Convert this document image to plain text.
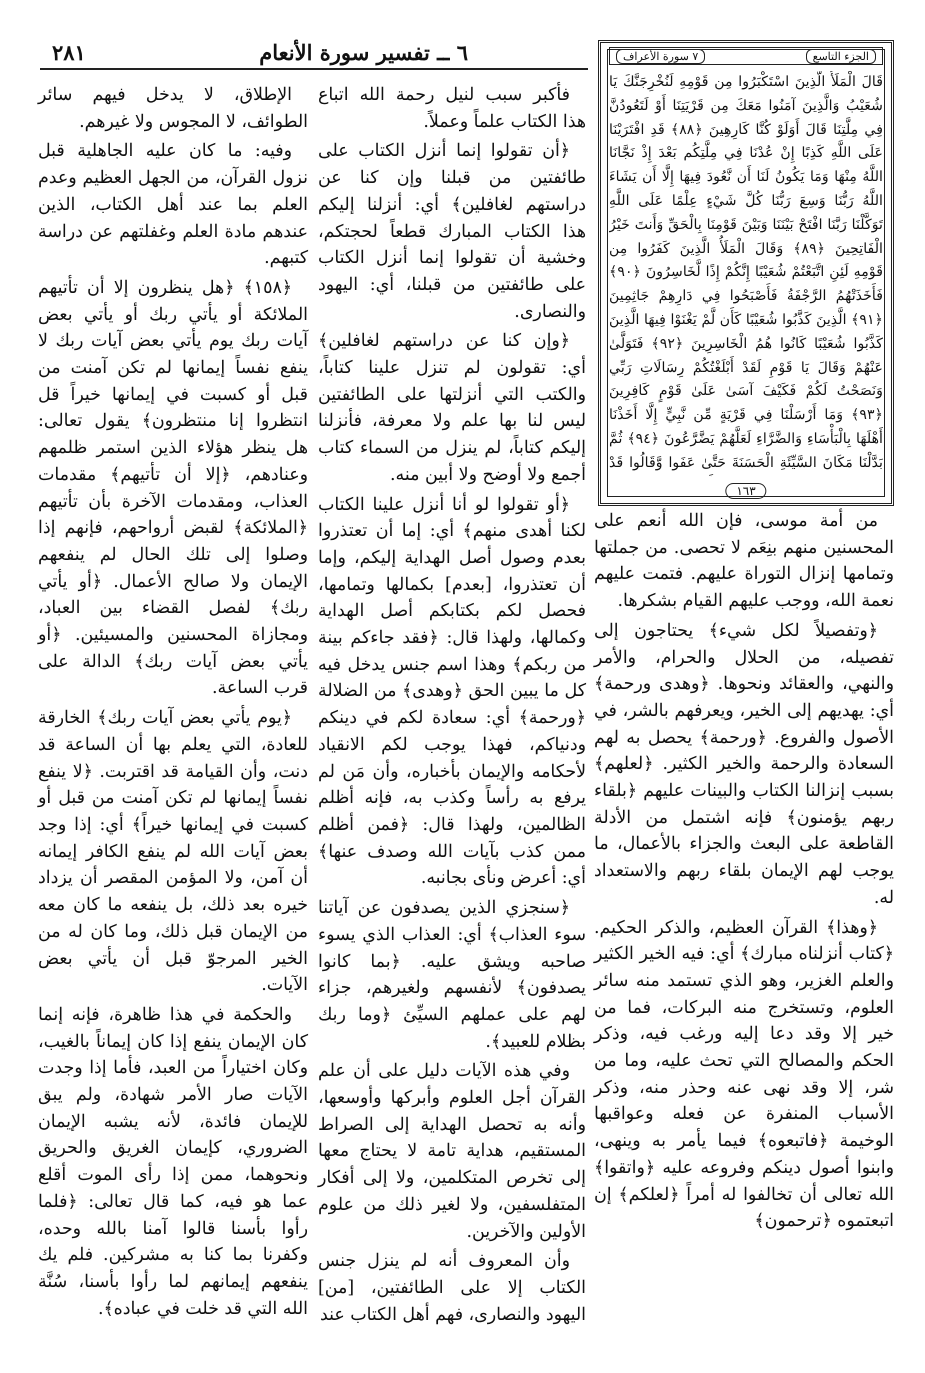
٦ ــ تفسير سورة الأنعام
٢٨١	الجزء التاسع
٧ سورة الأعراف
قَالَ الْمَلَأُ الَّذِينَ اسْتَكْبَرُوا مِن قَوْمِهِ لَنُخْرِجَنَّكَ يَا شُعَيْبُ وَالَّذِينَ آمَنُوا مَعَكَ مِن قَرْيَتِنَا أَوْ لَتَعُودُنَّ فِي مِلَّتِنَا قَالَ أَوَلَوْ كُنَّا كَارِهِينَ ﴿٨٨﴾ قَدِ افْتَرَيْنَا عَلَى اللَّهِ كَذِبًا إِنْ عُدْنَا فِي مِلَّتِكُم بَعْدَ إِذْ نَجَّانَا اللَّهُ مِنْهَا وَمَا يَكُونُ لَنَا أَن نَّعُودَ فِيهَا إِلَّا أَن يَشَاءَ اللَّهُ رَبُّنَا وَسِعَ رَبُّنَا كُلَّ شَيْءٍ عِلْمًا عَلَى اللَّهِ تَوَكَّلْنَا رَبَّنَا افْتَحْ بَيْنَنَا وَبَيْنَ قَوْمِنَا بِالْحَقِّ وَأَنتَ خَيْرُ الْفَاتِحِينَ ﴿٨٩﴾ وَقَالَ الْمَلَأُ الَّذِينَ كَفَرُوا مِن قَوْمِهِ لَئِنِ اتَّبَعْتُمْ شُعَيْبًا إِنَّكُمْ إِذًا لَّخَاسِرُونَ ﴿٩٠﴾ فَأَخَذَتْهُمُ الرَّجْفَةُ فَأَصْبَحُوا فِي دَارِهِمْ جَاثِمِينَ ﴿٩١﴾ الَّذِينَ كَذَّبُوا شُعَيْبًا كَأَن لَّمْ يَغْنَوْا فِيهَا الَّذِينَ كَذَّبُوا شُعَيْبًا كَانُوا هُمُ الْخَاسِرِينَ ﴿٩٢﴾ فَتَوَلَّىٰ عَنْهُمْ وَقَالَ يَا قَوْمِ لَقَدْ أَبْلَغْتُكُمْ رِسَالَاتِ رَبِّي وَنَصَحْتُ لَكُمْ فَكَيْفَ آسَىٰ عَلَىٰ قَوْمٍ كَافِرِينَ ﴿٩٣﴾ وَمَا أَرْسَلْنَا فِي قَرْيَةٍ مِّن نَّبِيٍّ إِلَّا أَخَذْنَا أَهْلَهَا بِالْبَأْسَاءِ وَالضَّرَّاءِ لَعَلَّهُمْ يَضَّرَّعُونَ ﴿٩٤﴾ ثُمَّ بَدَّلْنَا مَكَانَ السَّيِّئَةِ الْحَسَنَةَ حَتَّىٰ عَفَوا وَّقَالُوا قَدْ
١٦٣

من أمة موسى، فإن الله أنعم على المحسنين منهم بنِعَم لا تحصى. من جملتها وتمامها إنزال التوراة عليهم. فتمت عليهم نعمة الله، ووجب عليهم القيام بشكرها.

﴿وتفصيلاً لكل شيء﴾ يحتاجون إلى تفصيله، من الحلال والحرام، والأمر والنهي، والعقائد ونحوها. ﴿وهدى ورحمة﴾ أي: يهديهم إلى الخير، ويعرفهم بالشر، في الأصول والفروع. ﴿ورحمة﴾ يحصل به لهم السعادة والرحمة والخير الكثير. ﴿لعلهم﴾ بسبب إنزالنا الكتاب والبينات عليهم ﴿بلقاء ربهم يؤمنون﴾ فإنه اشتمل من الأدلة القاطعة على البعث والجزاء بالأعمال، ما يوجب لهم الإيمان بلقاء ربهم والاستعداد له.

﴿وهذا﴾ القرآن العظيم، والذكر الحكيم. ﴿كتاب أنزلناه مبارك﴾ أي: فيه الخير الكثير والعلم الغزير، وهو الذي تستمد منه سائر العلوم، وتستخرج منه البركات، فما من خير إلا وقد دعا إليه ورغب فيه، وذكر الحكم والمصالح التي تحث عليه، وما من شر، إلا وقد نهى عنه وحذر منه، وذكر الأسباب المنفرة عن فعله وعواقبها الوخيمة ﴿فاتبعوه﴾ فيما يأمر به وينهى، وابنوا أصول دينكم وفروعه عليه ﴿واتقوا﴾ الله تعالى أن تخالفوا له أمراً ﴿لعلكم﴾ إن اتبعتموه ﴿ترحمون﴾

فأكبر سبب لنيل رحمة الله اتباع هذا الكتاب علماً وعملاً.

﴿أن تقولوا إنما أنزل الكتاب على طائفتين من قبلنا وإن كنا عن دراستهم لغافلين﴾ أي: أنزلنا إليكم هذا الكتاب المبارك قطعاً لحجتكم، وخشية أن تقولوا إنما أنزل الكتاب على طائفتين من قبلنا، أي: اليهود والنصارى.

﴿وإن كنا عن دراستهم لغافلين﴾ أي: تقولون لم تنزل علينا كتاباً، والكتب التي أنزلتها على الطائفتين ليس لنا بها علم ولا معرفة، فأنزلنا إليكم كتاباً، لم ينزل من السماء كتاب أجمع ولا أوضح ولا أبين منه.

﴿أو تقولوا لو أنا أنزل علينا الكتاب لكنا أهدى منهم﴾ أي: إما أن تعتذروا بعدم وصول أصل الهداية إليكم، وإما أن تعتذروا، [بعدم] بكمالها وتمامها، فحصل لكم بكتابكم أصل الهداية وكمالها، ولهذا قال: ﴿فقد جاءكم بينة من ربكم﴾ وهذا اسم جنس يدخل فيه كل ما يبين الحق ﴿وهدى﴾ من الضلالة ﴿ورحمة﴾ أي: سعادة لكم في دينكم ودنياكم، فهذا يوجب لكم الانقياد لأحكامه والإيمان بأخباره، وأن مَن لم يرفع به رأساً وكذب به، فإنه أظلم الظالمين، ولهذا قال: ﴿فمن أظلم ممن كذب بآيات الله وصدف عنها﴾ أي: أعرض ونأى بجانبه.

﴿سنجزي الذين يصدفون عن آياتنا سوء العذاب﴾ أي: العذاب الذي يسوء صاحبه ويشق عليه. ﴿بما كانوا يصدفون﴾ لأنفسهم ولغيرهم، جزاء لهم على عملهم السيِّئ ﴿وما ربك بظلام للعبيد﴾.

وفي هذه الآيات دليل على أن علم القرآن أجل العلوم وأبركها وأوسعها، وأنه به تحصل الهداية إلى الصراط المستقيم، هداية تامة لا يحتاج معها إلى تخرص المتكلمين، ولا إلى أفكار المتفلسفين، ولا لغير ذلك من علوم الأولين والآخرين.

وأن المعروف أنه لم ينزل جنس الكتاب إلا على الطائفتين، [من] اليهود والنصارى، فهم أهل الكتاب عند

الإطلاق، لا يدخل فيهم سائر الطوائف، لا المجوس ولا غيرهم.

وفيه: ما كان عليه الجاهلية قبل نزول القرآن، من الجهل العظيم وعدم العلم بما عند أهل الكتاب، الذين عندهم مادة العلم وغفلتهم عن دراسة كتبهم.

﴿١٥٨﴾ ﴿هل ينظرون إلا أن تأتيهم الملائكة أو يأتي ربك أو يأتي بعض آيات ربك يوم يأتي بعض آيات ربك لا ينفع نفساً إيمانها لم تكن آمنت من قبل أو كسبت في إيمانها خيراً قل انتظروا إنا منتظرون﴾ يقول تعالى: هل ينظر هؤلاء الذين استمر ظلمهم وعنادهم، ﴿إلا أن تأتيهم﴾ مقدمات العذاب، ومقدمات الآخرة بأن تأتيهم ﴿الملائكة﴾ لقبض أرواحهم، فإنهم إذا وصلوا إلى تلك الحال لم ينفعهم الإيمان ولا صالح الأعمال. ﴿أو يأتي ربك﴾ لفصل القضاء بين العباد، ومجازاة المحسنين والمسيئين. ﴿أو يأتي بعض آيات ربك﴾ الدالة على قرب الساعة.

﴿يوم يأتي بعض آيات ربك﴾ الخارقة للعادة، التي يعلم بها أن الساعة قد دنت، وأن القيامة قد اقتربت. ﴿لا ينفع نفساً إيمانها لم تكن آمنت من قبل أو كسبت في إيمانها خيراً﴾ أي: إذا وجد بعض آيات الله لم ينفع الكافر إيمانه أن آمن، ولا المؤمن المقصر أن يزداد خيره بعد ذلك، بل ينفعه ما كان معه من الإيمان قبل ذلك، وما كان له من الخير المرجوّ قبل أن يأتي بعض الآيات.

والحكمة في هذا ظاهرة، فإنه إنما كان الإيمان ينفع إذا كان إيماناً بالغيب، وكان اختياراً من العبد، فأما إذا وجدت الآيات صار الأمر شهادة، ولم يبق للإيمان فائدة، لأنه يشبه الإيمان الضروري، كإيمان الغريق والحريق ونحوهما، ممن إذا رأى الموت أقلع عما هو فيه، كما قال تعالى: ﴿فلما رأوا بأسنا قالوا آمنا بالله وحده، وكفرنا بما كنا به مشركين. فلم يك ينفعهم إيمانهم لما رأوا بأسنا، سُنَّة الله التي قد خلت في عباده﴾.
